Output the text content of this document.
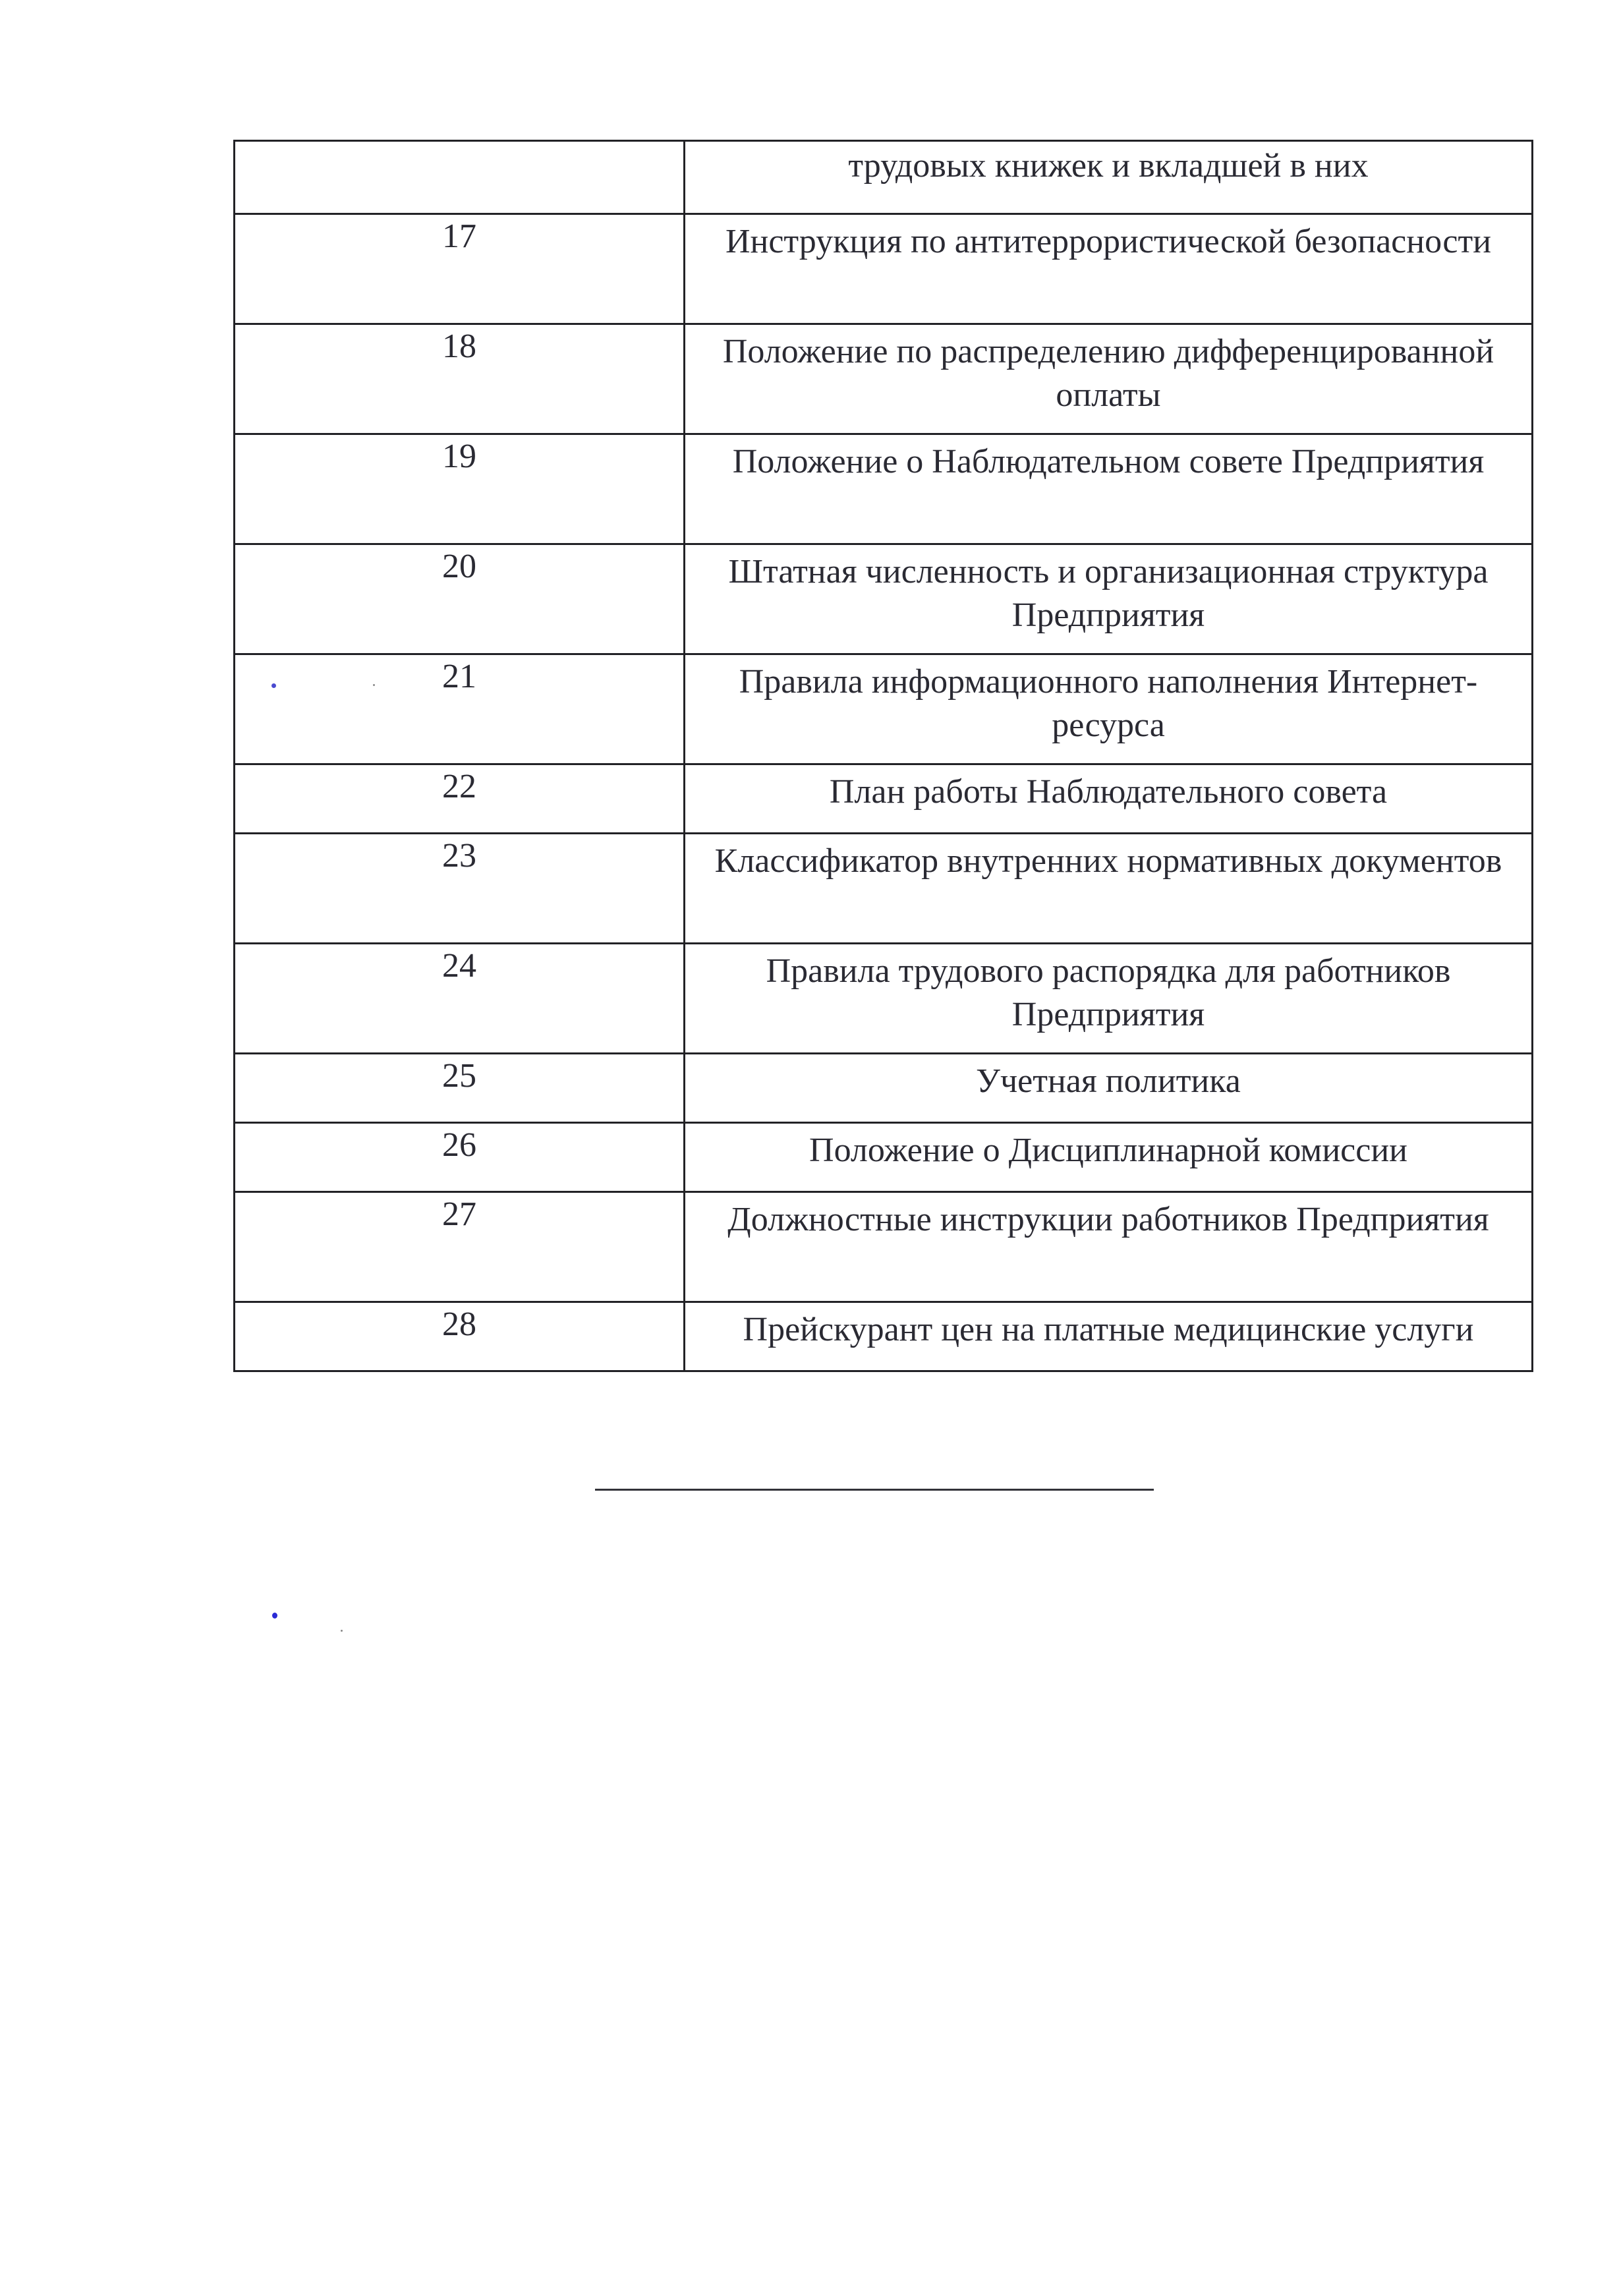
	трудовых книжек и вкладшей в них
17	Инструкция по антитеррористической безопасности
18	Положение по распределению дифференцированной оплаты
19	Положение о Наблюдательном совете Предприятия
20	Штатная численность и организационная структура Предприятия
21	Правила информационного наполнения Интернет-ресурса
22	План работы Наблюдательного совета
23	Классификатор внутренних нормативных документов
24	Правила трудового распорядка для работников Предприятия
25	Учетная политика
26	Положение о Дисциплинарной комиссии
27	Должностные инструкции работников Предприятия
28	Прейскурант цен на платные медицинские услуги
